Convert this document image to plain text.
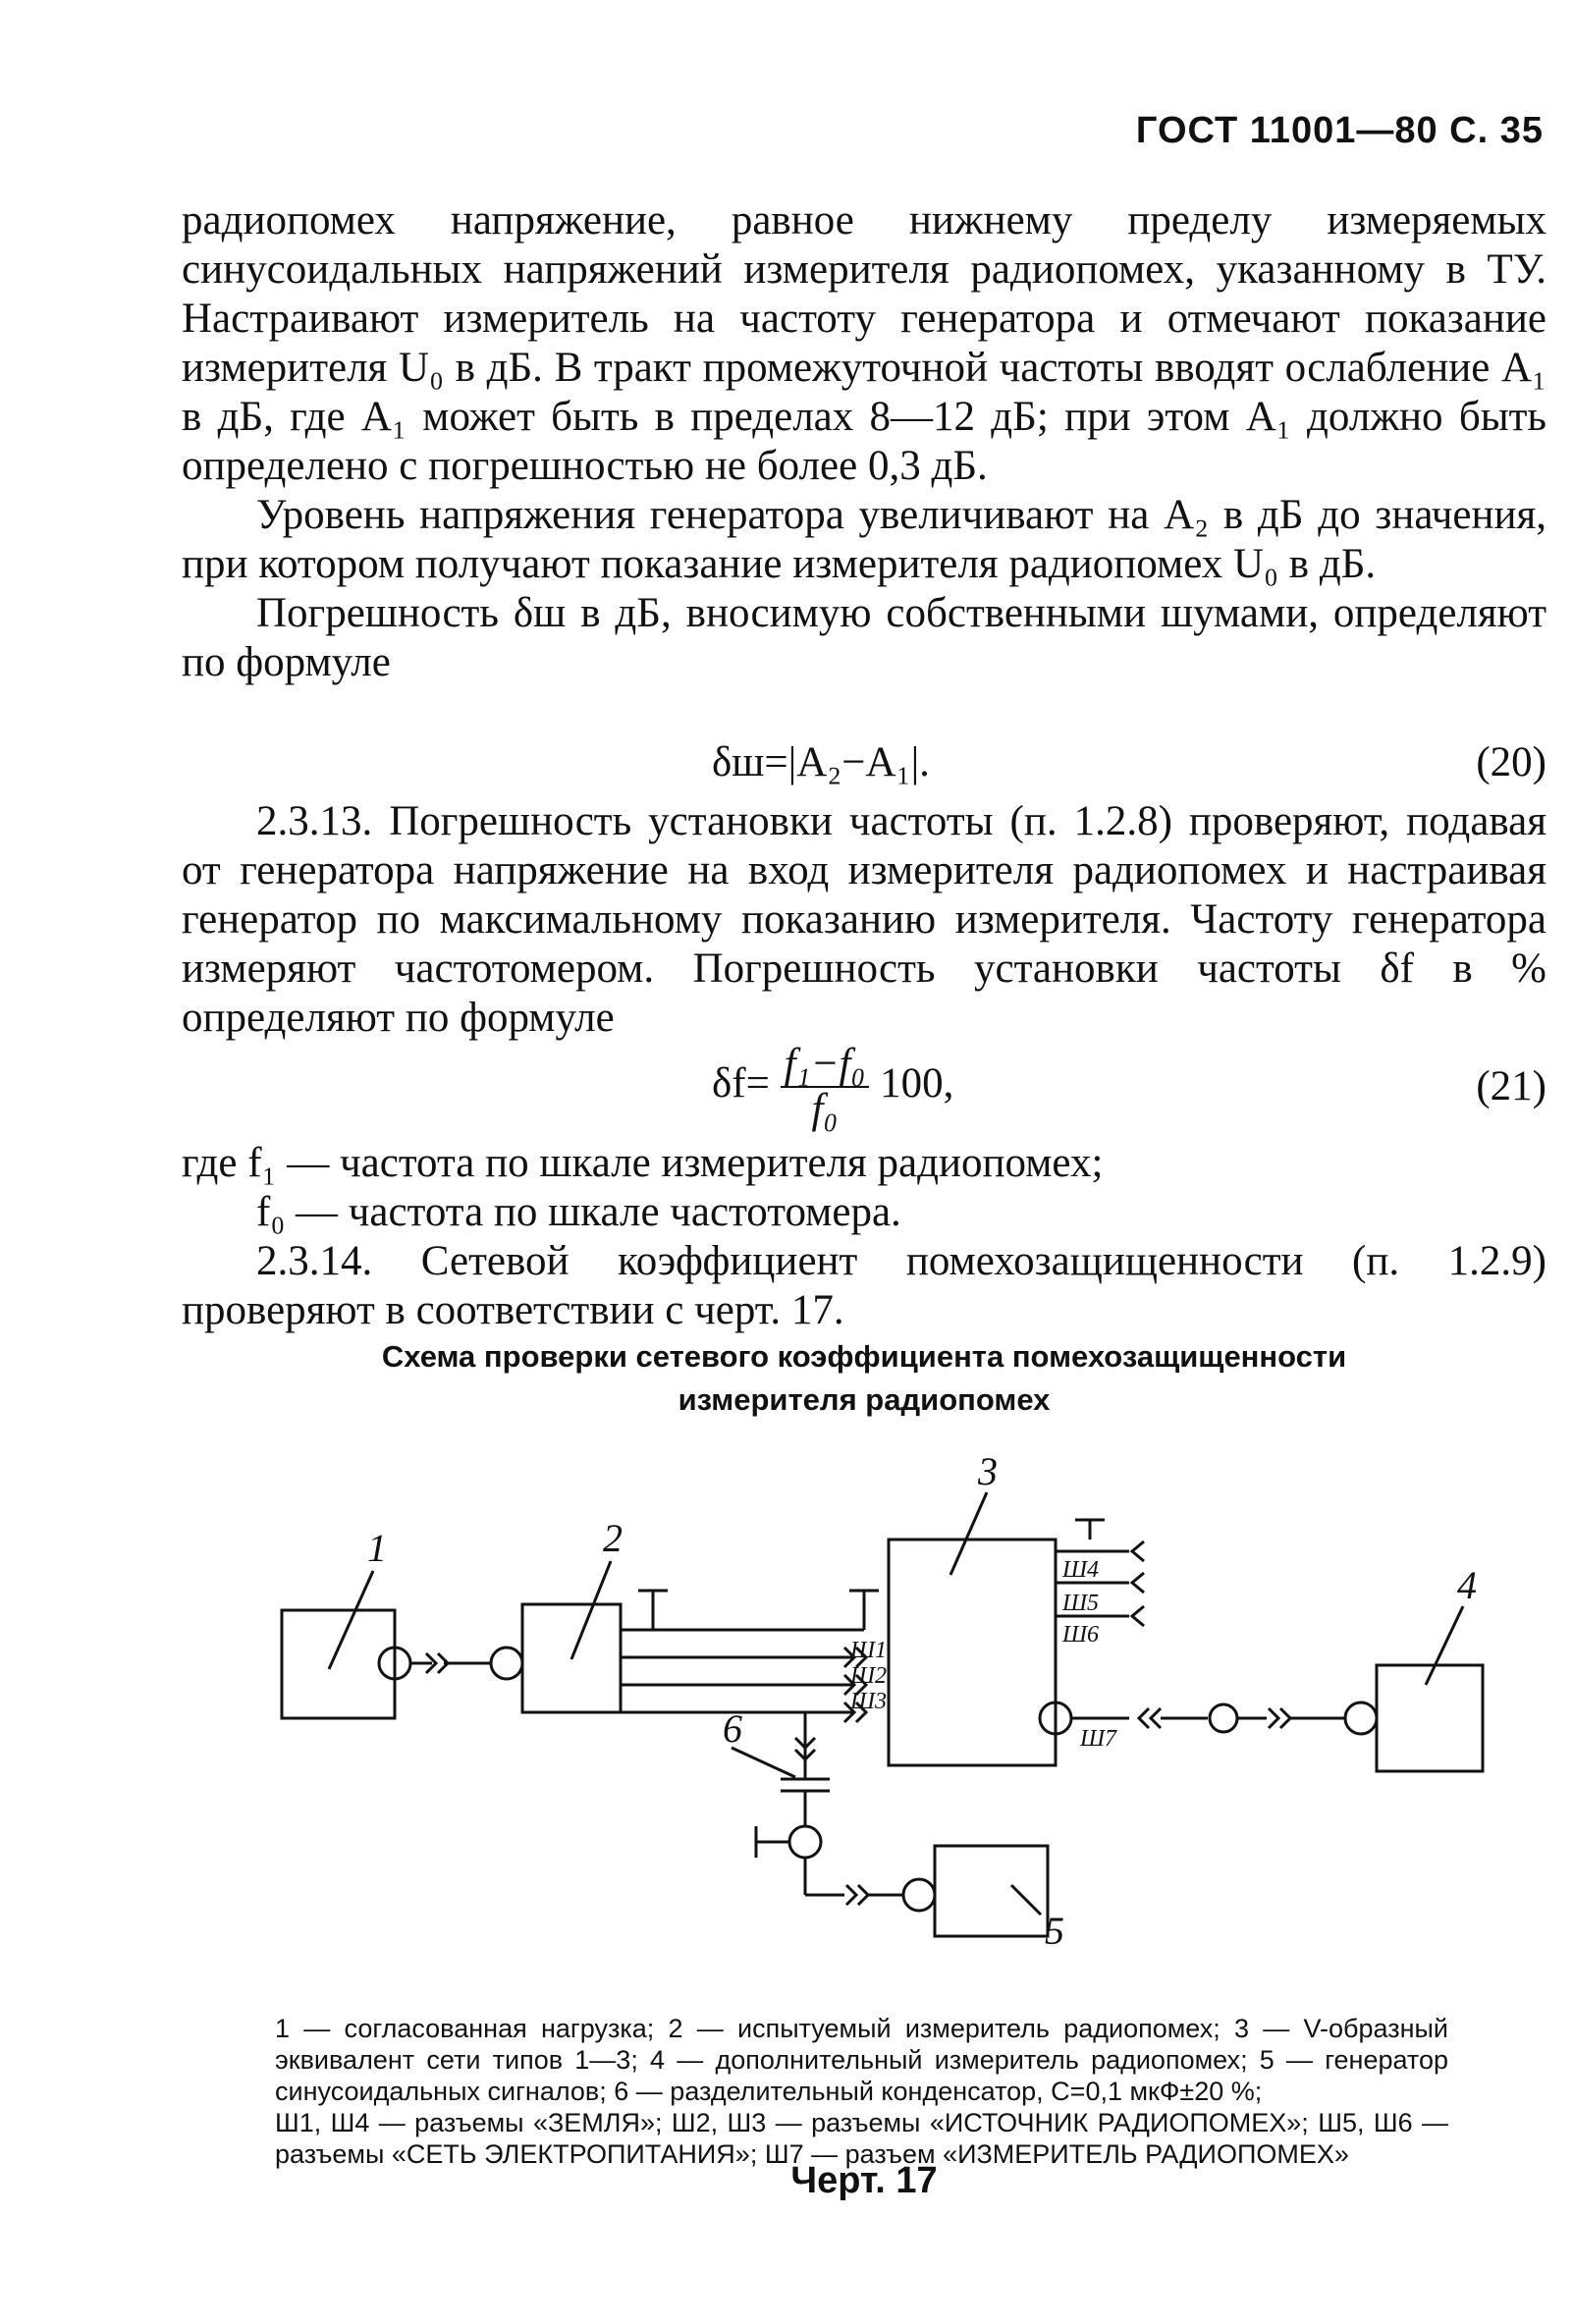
ГОСТ 11001—80 С. 35

радиопомех напряжение, равное нижнему пределу измеряемых синусоидальных напряжений измерителя радиопомех, указанному в ТУ. Настраивают измеритель на частоту генератора и отмечают показание измерителя U₀ в дБ. В тракт промежуточной частоты вводят ослабление A₁ в дБ, где A₁ может быть в пределах 8—12 дБ; при этом A₁ должно быть определено с погрешностью не более 0,3 дБ.

Уровень напряжения генератора увеличивают на A₂ в дБ до значения, при котором получают показание измерителя радиопомех U₀ в дБ.

Погрешность δш в дБ, вносимую собственными шумами, определяют по формуле

δш=|A₂−A₁|.	(20)

2.3.13. Погрешность установки частоты (п. 1.2.8) проверяют, подавая от генератора напряжение на вход измерителя радиопомех и настраивая генератор по максимальному показанию измерителя. Частоту генератора измеряют частотомером. Погрешность установки частоты δf в % определяют по формуле

$\delta f= \frac{\text{f₁−f₀}}{\text{f₀}} 100$,	(21)

где f₁ — частота по шкале измерителя радиопомех;

f₀ — частота по шкале частотомера.

2.3.14. Сетевой коэффициент помехозащищенности (п. 1.2.9) проверяют в соответствии с черт. 17.

Схема проверки сетевого коэффициента помехозащищенности
измерителя радиопомех
1	2
3
4
5
6
Ш1
Ш2
Ш3
Ш4
Ш5
Ш6
Ш7

1 — согласованная нагрузка; 2 — испытуемый измеритель радиопомех; 3 — V-образный эквивалент сети типов 1—3; 4 — дополнительный измеритель радиопомех; 5 — генератор синусоидальных сигналов; 6 — разделительный конденсатор, C=0,1 мкФ±20 %;

Ш1, Ш4 — разъемы «ЗЕМЛЯ»; Ш2, Ш3 — разъемы «ИСТОЧНИК РАДИОПОМЕХ»; Ш5, Ш6 — разъемы «СЕТЬ ЭЛЕКТРОПИТАНИЯ»; Ш7 — разъем «ИЗМЕРИТЕЛЬ РАДИОПОМЕХ»

Черт. 17
